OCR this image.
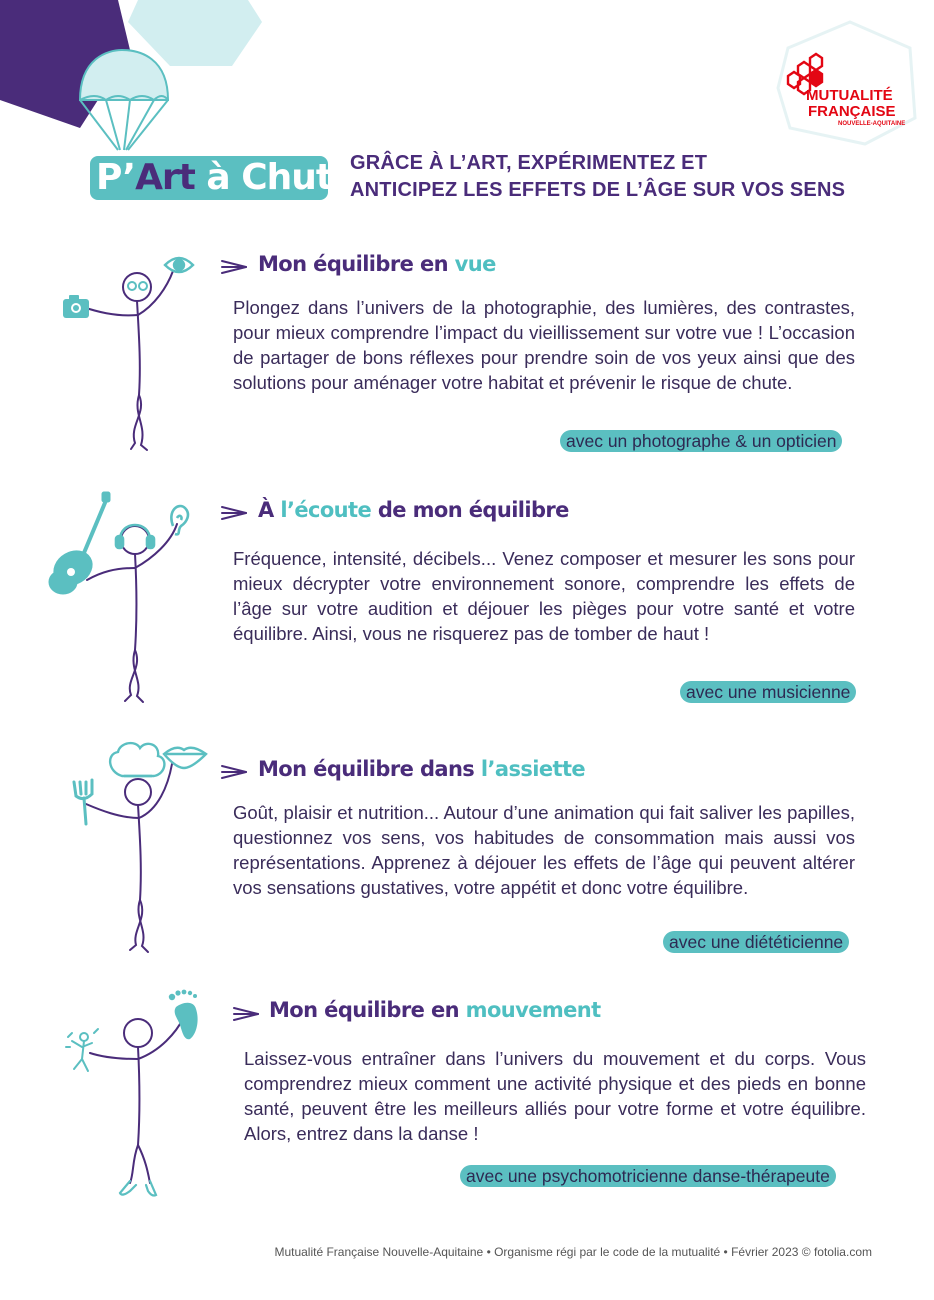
P’Art à Chute
GRÂCE À L’ART, EXPÉRIMENTEZ ET
ANTICIPEZ LES EFFETS DE L’ÂGE SUR VOS SENS
MUTUALITÉ
FRANÇAISE

NOUVELLE-AQUITAINE
Mon équilibre en vue
Plongez dans l’univers de la photographie, des lumières, des contrastes, pour mieux comprendre l’impact du vieillissement sur votre vue ! L’occasion de partager de bons réflexes pour prendre soin de vos yeux ainsi que des solutions pour aménager votre habitat et prévenir le risque de chute.
avec un photographe & un opticien
À l’écoute de mon équilibre
Fréquence, intensité, décibels... Venez composer et mesurer les sons pour mieux décrypter votre environnement sonore, comprendre les effets de l’âge sur votre audition et déjouer les pièges pour votre santé et votre équilibre. Ainsi, vous ne risquerez pas de tomber de haut !
avec une musicienne
Mon équilibre dans l’assiette
Goût, plaisir et nutrition... Autour d’une animation qui fait saliver les papilles, questionnez vos sens, vos habitudes de consommation mais aussi vos représentations. Apprenez à déjouer les effets de l’âge qui peuvent altérer vos sensations gustatives, votre appétit et donc votre équilibre.
avec une diététicienne
Mon équilibre en mouvement
Laissez-vous entraîner dans l’univers du mouvement et du corps. Vous comprendrez mieux comment une activité physique et des pieds en bonne santé, peuvent être les meilleurs alliés pour votre forme et votre équilibre. Alors, entrez dans la danse !
avec une psychomotricienne danse-thérapeute
Mutualité Française Nouvelle-Aquitaine • Organisme régi par le code de la mutualité • Février 2023 © fotolia.com
